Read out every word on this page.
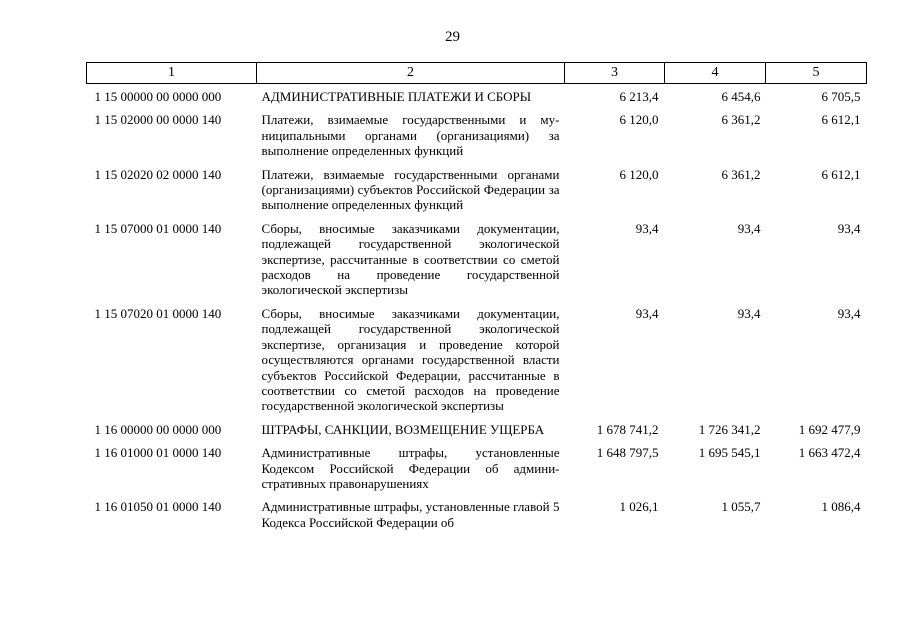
29
1	2	3	4	5
1 15 00000 00 0000 000	АДМИНИСТРАТИВНЫЕ ПЛАТЕЖИ И СБОРЫ	6 213,4	6 454,6	6 705,5
1 15 02000 00 0000 140	Платежи, взимаемые государственными и муниципальными органами (организациями) за выполнение определенных функций	6 120,0	6 361,2	6 612,1
1 15 02020 02 0000 140	Платежи, взимаемые государственными органами (организациями) субъектов Российской Федерации за выполнение определенных функций	6 120,0	6 361,2	6 612,1
1 15 07000 01 0000 140	Сборы, вносимые заказчиками документации, подлежащей государственной экологической экспертизе, рассчитанные в соответствии со сметой расходов на проведение государственной экологической экспертизы	93,4	93,4	93,4
1 15 07020 01 0000 140	Сборы, вносимые заказчиками документации, подлежащей государственной экологической экспертизе, организация и проведение которой осуществляются органами государственной власти субъектов Российской Федерации, рассчитанные в соответствии со сметой расходов на проведение государственной экологической экспертизы	93,4	93,4	93,4
1 16 00000 00 0000 000	ШТРАФЫ, САНКЦИИ, ВОЗМЕЩЕНИЕ УЩЕРБА	1 678 741,2	1 726 341,2	1 692 477,9
1 16 01000 01 0000 140	Административные штрафы, установленные Кодексом Российской Федерации об административных правонарушениях	1 648 797,5	1 695 545,1	1 663 472,4
1 16 01050 01 0000 140	Административные штрафы, установленные главой 5 Кодекса Российской Федерации об	1 026,1	1 055,7	1 086,4
